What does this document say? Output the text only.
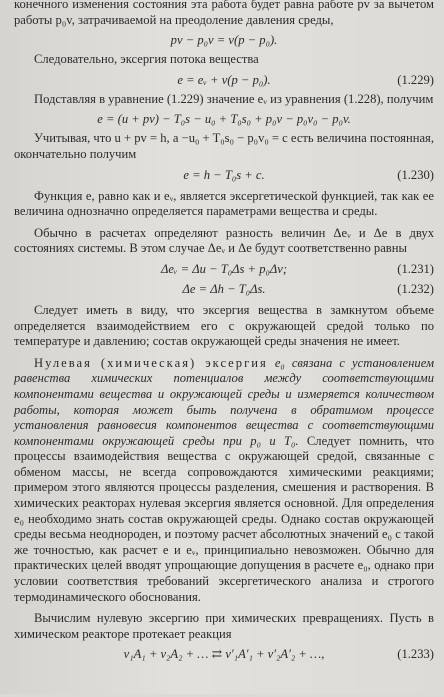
конечного изменения состояния эта работа будет равна работе pv за вычетом работы p₀v, затрачиваемой на преодоление давления среды,

pv − p₀v = v(p − p₀).

Следовательно, эксергия потока вещества

e = eᵥ + v(p − p₀).	(1.229)

Подставляя в уравнение (1.229) значение eᵥ из уравнения (1.228), получим

e = (u + pv) − T₀s − u₀ + T₀s₀ + p₀v − p₀v₀ − p₀v.

Учитывая, что u + pv = h, а −u₀ + T₀s₀ − p₀v₀ = c есть величина постоянная, окончательно получим

e = h − T₀s + c.	(1.230)

Функция e, равно как и eᵥ, является эксергетической функцией, так как ее величина однозначно определяется параметрами вещества и среды.

Обычно в расчетах определяют разность величин Δeᵥ и Δe в двух состояниях системы. В этом случае Δeᵥ и Δe будут соответственно равны

Δeᵥ = Δu − T₀Δs + p₀Δv;	(1.231)
Δe = Δh − T₀Δs.	(1.232)

Следует иметь в виду, что эксергия вещества в замкнутом объеме определяется взаимодействием его с окружающей средой только по температуре и давлению; состав окружающей среды значения не имеет.

Нулевая (химическая) эксергия e₀ связана с установлением равенства химических потенциалов между соответствующими компонентами вещества и окружающей среды и измеряется количеством работы, которая может быть получена в обратимом процессе установления равновесия компонентов вещества с соответствующими компонентами окружающей среды при p₀ и T₀. Следует помнить, что процессы взаимодействия вещества с окружающей средой, связанные с обменом массы, не всегда сопровождаются химическими реакциями; примером этого являются процессы разделения, смешения и растворения. В химических реакторах нулевая эксергия является основной. Для определения e₀ необходимо знать состав окружающей среды. Однако состав окружающей среды весьма неоднороден, и поэтому расчет абсолютных значений e₀ с такой же точностью, как расчет e и eᵥ, принципиально невозможен. Обычно для практических целей вводят упрощающие допущения в расчете e₀, однако при условии соответствия требований эксергетического анализа и строгого термодинамического обоснования.

Вычислим нулевую эксергию при химических превращениях. Пусть в химическом реакторе протекает реакция

ν₁A₁ + ν₂A₂ + … ⇄ ν′₁A′₁ + ν′₂A′₂ + …,	(1.233)
